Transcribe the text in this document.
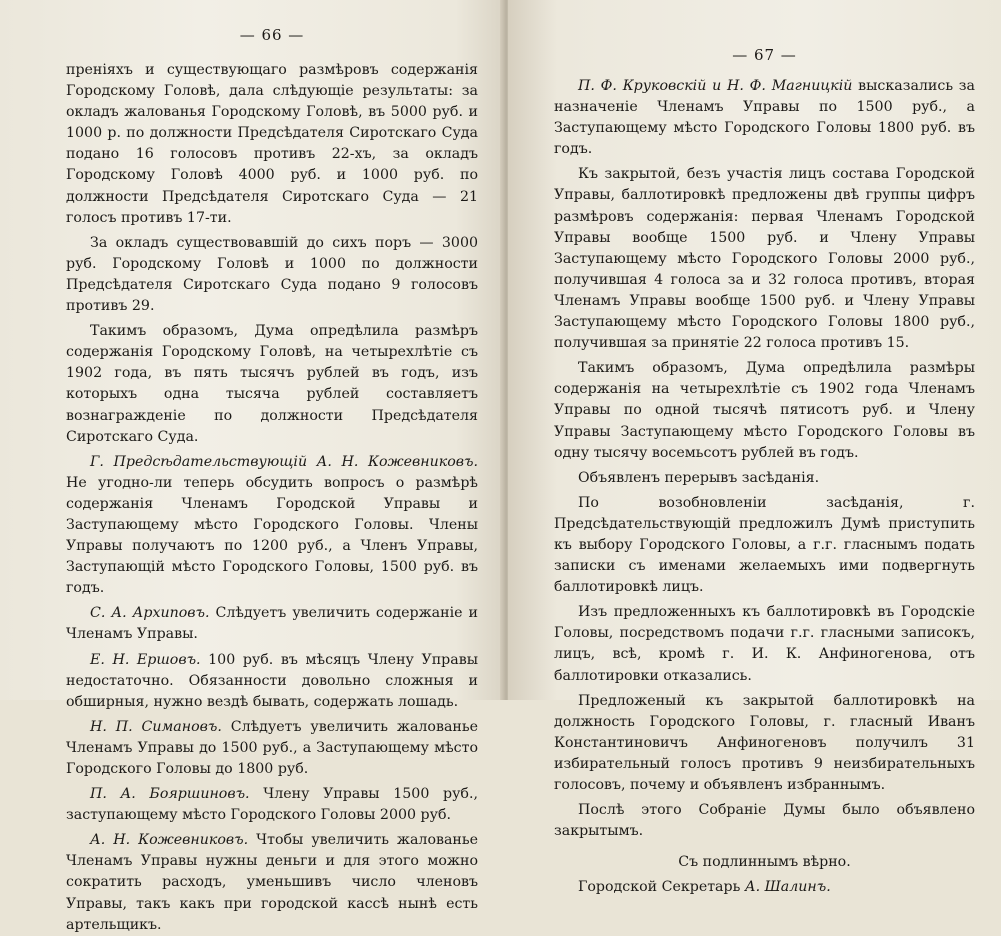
— 66 —

преніяхъ и существующаго размѣровъ содержанія Городскому Головѣ, дала слѣдующіе результаты: за окладъ жалованья Городскому Головѣ, въ 5000 руб. и 1000 р. по должности Предсѣдателя Сиротскаго Суда подано 16 голосовъ противъ 22-хъ, за окладъ Городскому Головѣ 4000 руб. и 1000 руб. по должности Предсѣдателя Сиротскаго Суда — 21 голосъ противъ 17-ти.

За окладъ существовавшій до сихъ поръ — 3000 руб. Городскому Головѣ и 1000 по должности Предсѣдателя Сиротскаго Суда подано 9 голосовъ противъ 29.

Такимъ образомъ, Дума опредѣлила размѣръ содержанія Городскому Головѣ, на четырехлѣтіе съ 1902 года, въ пять тысячъ рублей въ годъ, изъ которыхъ одна тысяча рублей составляетъ вознагражденіе по должности Предсѣдателя Сиротскаго Суда.

Г. Предсѣдательствующій А. Н. Кожевниковъ. Не угодно-ли теперь обсудить вопросъ о размѣрѣ содержанія Членамъ Городской Управы и Заступающему мѣсто Городского Головы. Члены Управы получаютъ по 1200 руб., а Членъ Управы, Заступающій мѣсто Городского Головы, 1500 руб. въ годъ.

С. А. Архиповъ. Слѣдуетъ увеличить содержаніе и Членамъ Управы.

Е. Н. Ершовъ. 100 руб. въ мѣсяцъ Члену Управы недостаточно. Обязанности довольно сложныя и обширныя, нужно вездѣ бывать, содержать лошадь.

Н. П. Симановъ. Слѣдуетъ увеличить жалованье Членамъ Управы до 1500 руб., а Заступающему мѣсто Городского Головы до 1800 руб.

П. А. Бояршиновъ. Члену Управы 1500 руб., заступающему мѣсто Городского Головы 2000 руб.

А. Н. Кожевниковъ. Чтобы увеличить жалованье Членамъ Управы нужны деньги и для этого можно сократить расходъ, уменьшивъ число членовъ Управы, такъ какъ при городской кассѣ нынѣ есть артельщикъ.

— 67 —

П. Ф. Круковскій и Н. Ф. Магницкій высказались за назначеніе Членамъ Управы по 1500 руб., а Заступающему мѣсто Городского Головы 1800 руб. въ годъ.

Къ закрытой, безъ участія лицъ состава Городской Управы, баллотировкѣ предложены двѣ группы цифръ размѣровъ содержанія: первая Членамъ Городской Управы вообще 1500 руб. и Члену Управы Заступающему мѣсто Городского Головы 2000 руб., получившая 4 голоса за и 32 голоса противъ, вторая Членамъ Управы вообще 1500 руб. и Члену Управы Заступающему мѣсто Городского Головы 1800 руб., получившая за принятіе 22 голоса противъ 15.

Такимъ образомъ, Дума опредѣлила размѣры содержанія на четырехлѣтіе съ 1902 года Членамъ Управы по одной тысячѣ пятисотъ руб. и Члену Управы Заступающему мѣсто Городского Головы въ одну тысячу восемьсотъ рублей въ годъ.

Объявленъ перерывъ засѣданія.

По возобновленіи засѣданія, г. Предсѣдательствующій предложилъ Думѣ приступить къ выбору Городского Головы, а г.г. гласнымъ подать записки съ именами желаемыхъ ими подвергнуть баллотировкѣ лицъ.

Изъ предложенныхъ къ баллотировкѣ въ Городскіе Головы, посредствомъ подачи г.г. гласными записокъ, лицъ, всѣ, кромѣ г. И. К. Анфиногенова, отъ баллотировки отказались.

Предложеный къ закрытой баллотировкѣ на должность Городского Головы, г. гласный Иванъ Константиновичъ Анфиногеновъ получилъ 31 избирательный голосъ противъ 9 неизбирательныхъ голосовъ, почему и объявленъ избраннымъ.

Послѣ этого Собраніе Думы было объявлено закрытымъ.

Съ подлиннымъ вѣрно.

Городской Секретарь А. Шалинъ.
